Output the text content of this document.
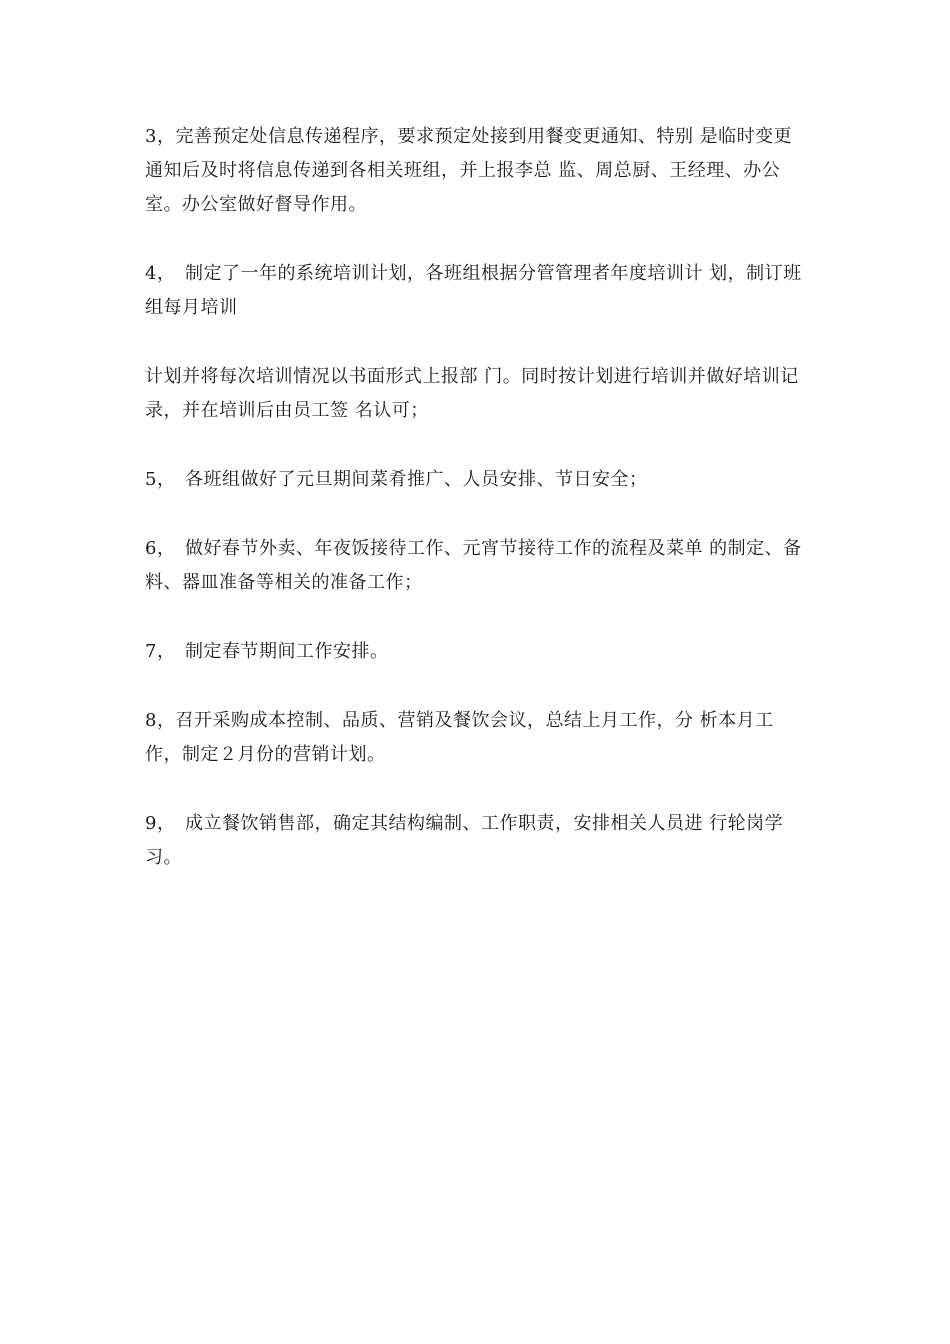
3，完善预定处信息传递程序，要求预定处接到用餐变更通知、特别 是临时变更通知后及时将信息传递到各相关班组，并上报李总 监、周总厨、王经理、办公室。办公室做好督导作用。

4，　制定了一年的系统培训计划，各班组根据分管管理者年度培训计 划，制订班组每月培训

计划并将每次培训情况以书面形式上报部 门。同时按计划进行培训并做好培训记录，并在培训后由员工签 名认可；

5，　各班组做好了元旦期间菜肴推广、人员安排、节日安全；

6，　做好春节外卖、年夜饭接待工作、元宵节接待工作的流程及菜单 的制定、备料、器皿准备等相关的准备工作；

7，　制定春节期间工作安排。

8，召开采购成本控制、品质、营销及餐饮会议，总结上月工作，分 析本月工作，制定２月份的营销计划。

9，　成立餐饮销售部，确定其结构编制、工作职责，安排相关人员进 行轮岗学习。
